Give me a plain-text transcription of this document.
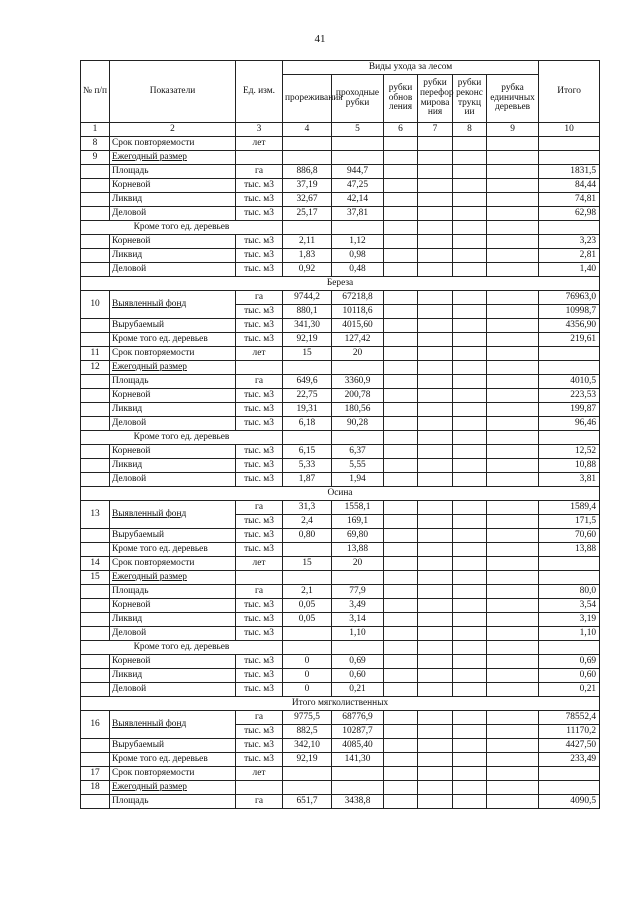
41
№ п/п	Показатели	Ед. изм.	Виды ухода за лесом						Итого
			прореживания	проходные рубки	рубки обнов ления	рубки перефор мирова ния	рубки реконс трукц ии	рубка единичных деревьев	
1	2	3	4	5	6	7	8	9	10
8	Срок повторяемости	лет							
9	Ежегодный размер								
	Площадь	га	886,8	944,7					1831,5
	Корневой	тыс. м3	37,19	47,25					84,44
	Ликвид	тыс. м3	32,67	42,14					74,81
	Деловой	тыс. м3	25,17	37,81					62,98
Кроме того ед. деревьев									
	Корневой	тыс. м3	2,11	1,12					3,23
	Ликвид	тыс. м3	1,83	0,98					2,81
	Деловой	тыс. м3	0,92	0,48					1,40
Береза									
10	Выявленный фонд	га	9744,2	67218,8					76963,0
		тыс. м3	880,1	10118,6					10998,7
	Вырубаемый	тыс. м3	341,30	4015,60					4356,90
	Кроме того ед. деревьев	тыс. м3	92,19	127,42					219,61
11	Срок повторяемости	лет	15	20					
12	Ежегодный размер								
	Площадь	га	649,6	3360,9					4010,5
	Корневой	тыс. м3	22,75	200,78					223,53
	Ликвид	тыс. м3	19,31	180,56					199,87
	Деловой	тыс. м3	6,18	90,28					96,46
Кроме того ед. деревьев									
	Корневой	тыс. м3	6,15	6,37					12,52
	Ликвид	тыс. м3	5,33	5,55					10,88
	Деловой	тыс. м3	1,87	1,94					3,81
Осина									
13	Выявленный фонд	га	31,3	1558,1					1589,4
		тыс. м3	2,4	169,1					171,5
	Вырубаемый	тыс. м3	0,80	69,80					70,60
	Кроме того ед. деревьев	тыс. м3		13,88					13,88
14	Срок повторяемости	лет	15	20					
15	Ежегодный размер								
	Площадь	га	2,1	77,9					80,0
	Корневой	тыс. м3	0,05	3,49					3,54
	Ликвид	тыс. м3	0,05	3,14					3,19
	Деловой	тыс. м3		1,10					1,10
Кроме того ед. деревьев									
	Корневой	тыс. м3	0	0,69					0,69
	Ликвид	тыс. м3	0	0,60					0,60
	Деловой	тыс. м3	0	0,21					0,21
Итого мягколиственных									
16	Выявленный фонд	га	9775,5	68776,9					78552,4
		тыс. м3	882,5	10287,7					11170,2
	Вырубаемый	тыс. м3	342,10	4085,40					4427,50
	Кроме того ед. деревьев	тыс. м3	92,19	141,30					233,49
17	Срок повторяемости	лет							
18	Ежегодный размер								
	Площадь	га	651,7	3438,8					4090,5
